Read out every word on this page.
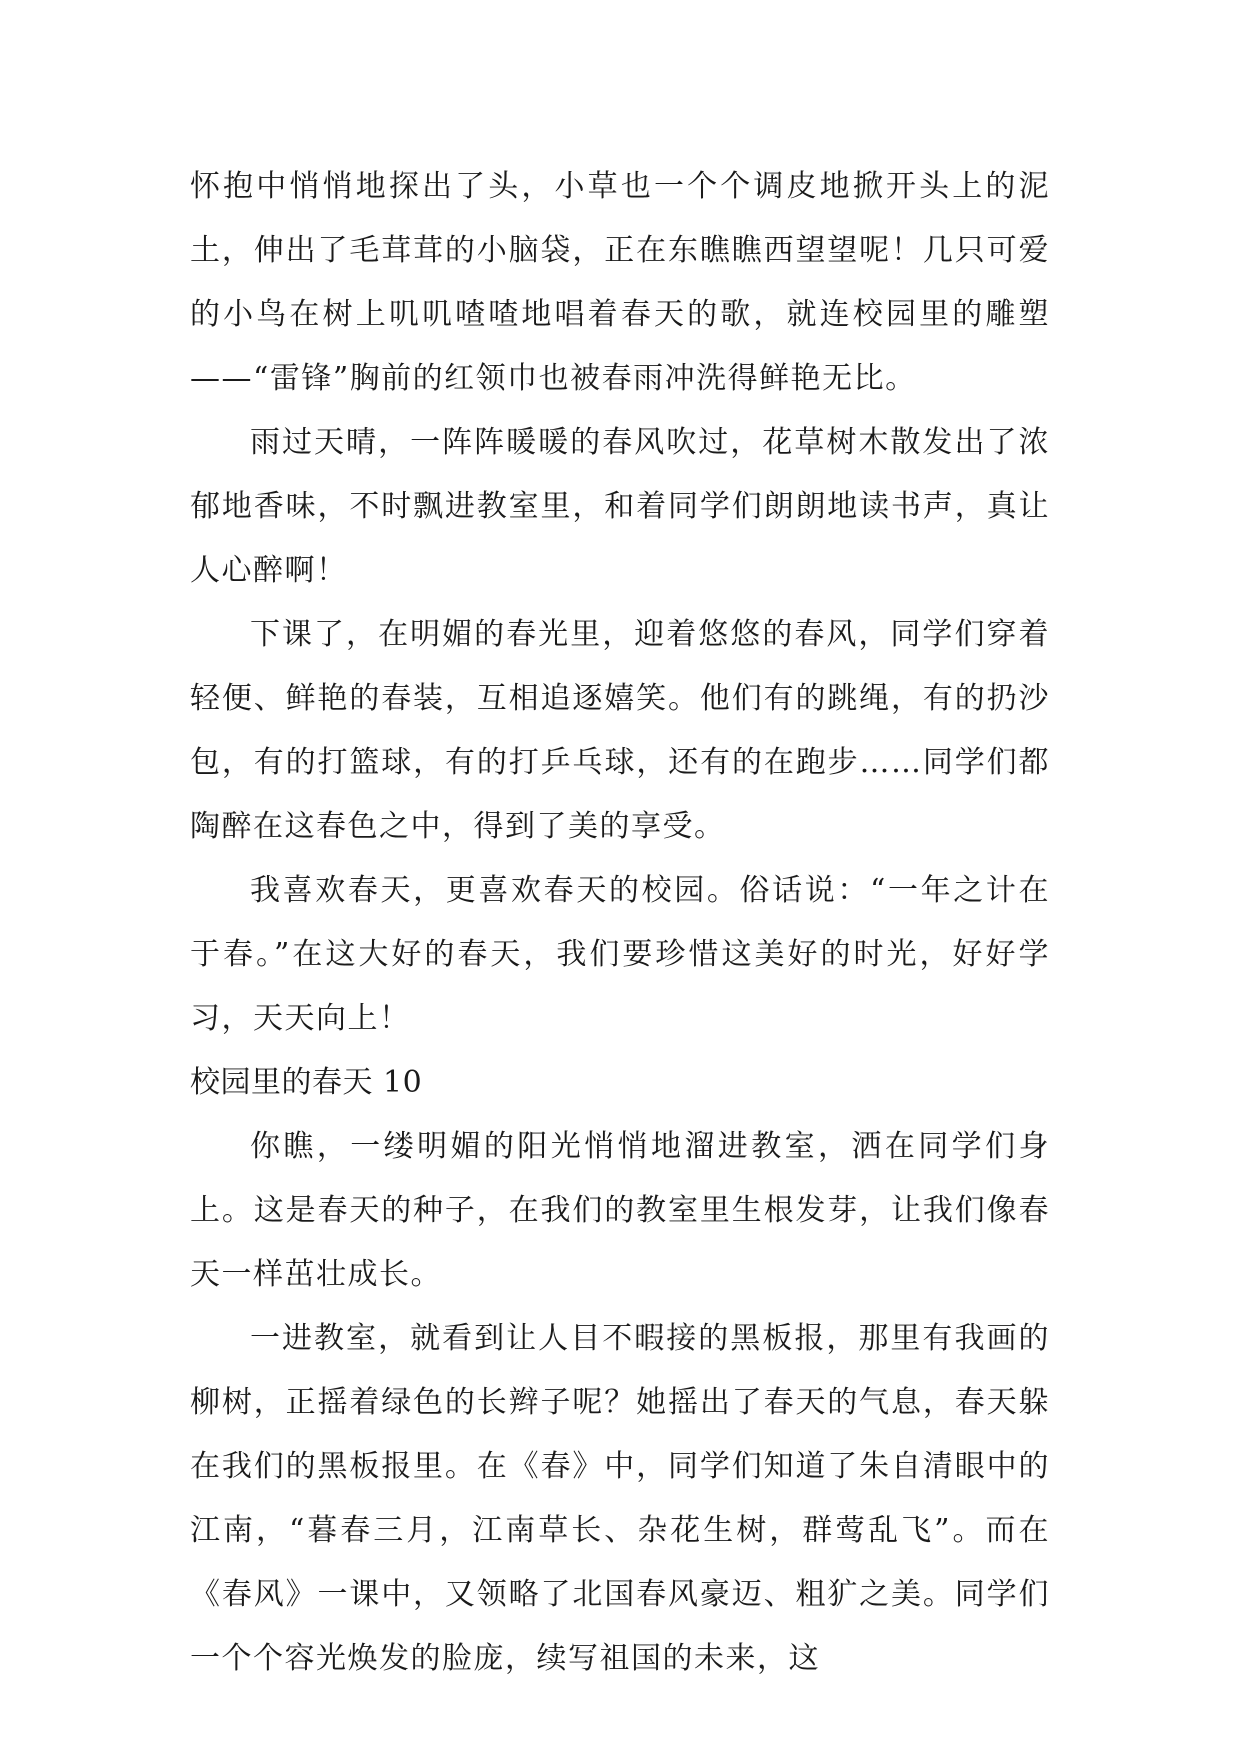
怀抱中悄悄地探出了头，小草也一个个调皮地掀开头上的泥土，伸出了毛茸茸的小脑袋，正在东瞧瞧西望望呢！几只可爱的小鸟在树上叽叽喳喳地唱着春天的歌，就连校园里的雕塑——“雷锋”胸前的红领巾也被春雨冲洗得鲜艳无比。

雨过天晴，一阵阵暖暖的春风吹过，花草树木散发出了浓郁地香味，不时飘进教室里，和着同学们朗朗地读书声，真让人心醉啊！

下课了，在明媚的春光里，迎着悠悠的春风，同学们穿着轻便、鲜艳的春装，互相追逐嬉笑。他们有的跳绳，有的扔沙包，有的打篮球，有的打乒乓球，还有的在跑步……同学们都陶醉在这春色之中，得到了美的享受。

我喜欢春天，更喜欢春天的校园。俗话说：“一年之计在于春。”在这大好的春天，我们要珍惜这美好的时光，好好学习，天天向上！

校园里的春天 10

你瞧，一缕明媚的阳光悄悄地溜进教室，洒在同学们身上。这是春天的种子，在我们的教室里生根发芽，让我们像春天一样茁壮成长。

一进教室，就看到让人目不暇接的黑板报，那里有我画的柳树，正摇着绿色的长辫子呢？她摇出了春天的气息，春天躲在我们的黑板报里。在《春》中，同学们知道了朱自清眼中的江南，“暮春三月，江南草长、杂花生树，群莺乱飞”。而在《春风》一课中，又领略了北国春风豪迈、粗犷之美。同学们一个个容光焕发的脸庞，续写祖国的未来，这
